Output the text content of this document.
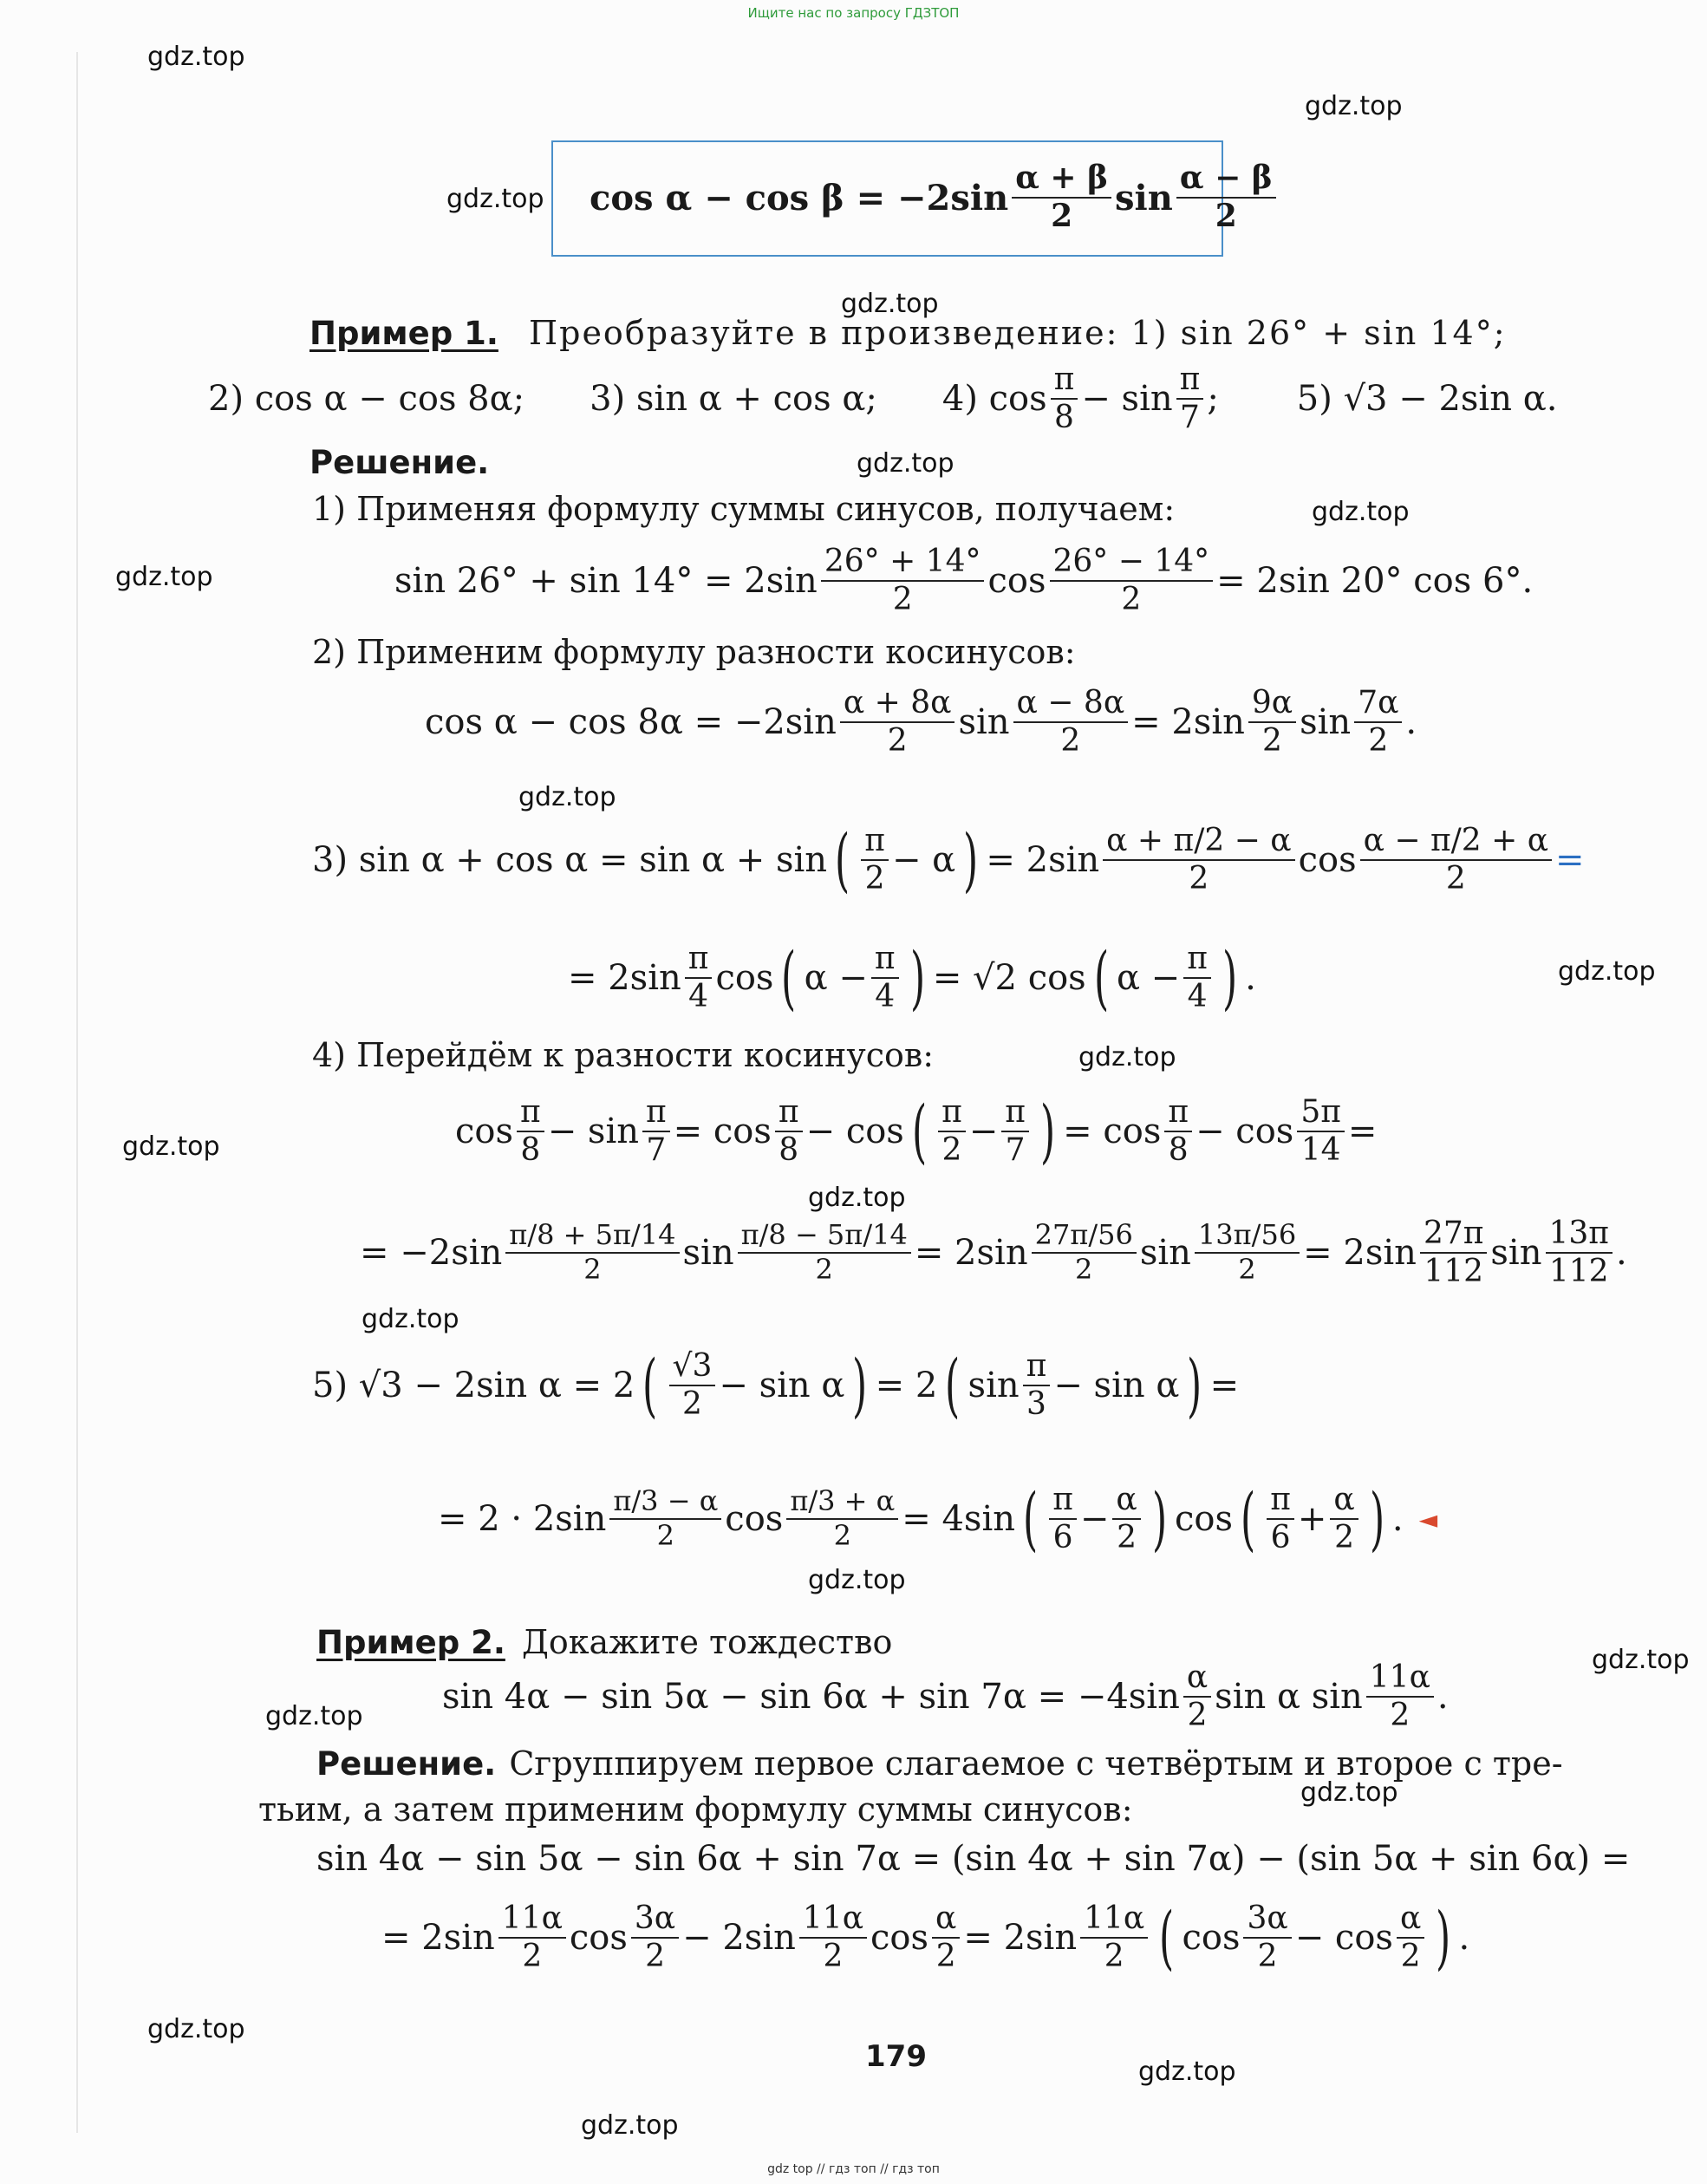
Ищите нас по запросу ГДЗТОП
gdz.top
gdz.top
gdz.top
gdz.top
gdz.top
gdz.top
gdz.top
gdz.top
gdz.top
gdz.top
gdz.top
gdz.top
gdz.top
gdz.top
gdz.top
gdz.top
gdz.top
gdz.top
gdz.top
gdz.top
$\cos \alpha - \cos \beta = -2\sin \frac{\alpha + \beta}{2}$ $\sin \frac{\alpha - \beta}{2}$
Пример 1. Преобразуйте в произведение: 1) sin 26° + sin 14°;
2) cos α − cos 8α; 3) sin α + cos α; 4) $\cos \frac{\pi}{8} - \sin \frac{\pi}{7}$ ; 5) √3 − 2sin α.
Решение.
1) Применяя формулу суммы синусов, получаем:
$\sin 26^\circ + \sin 14^\circ = 2\sin \frac{26^\circ + 14^\circ}{2}$ $\cos \frac{26^\circ - 14^\circ}{2} = 2\sin$ 20° cos 6°.
2) Применим формулу разности косинусов:
$\cos \alpha - \cos 8\alpha = -2\sin \frac{\alpha + 8\alpha}{2}$ $\sin \frac{\alpha - 8\alpha}{2} = 2\sin \frac{9\alpha}{2}$ $\sin \frac{7\alpha}{2}$ .
3) sin α + cos α = sin α + sin ( $\frac{\pi}{2} - \alpha$ ) = $2\sin \frac{\alpha + \pi/2 - \alpha}{2}$ $\cos \frac{\alpha - \pi/2 + \alpha}{2}$ =
= $2\sin \frac{\pi}{4}$ cos ( $\alpha - \frac{\pi}{4}$ ) = √2 cos ( $\alpha - \frac{\pi}{4}$ ) .
4) Перейдём к разности косинусов:
$\cos \frac{\pi}{8} - \sin \frac{\pi}{7} = \cos \frac{\pi}{8} - \cos$ ( $\frac{\pi}{2} - \frac{\pi}{7}$ ) = $\cos \frac{\pi}{8} - \cos \frac{5\pi}{14}$ =
= $-2\sin \frac{\pi/8 + 5\pi/14}{2}$ $\sin \frac{\pi/8 - 5\pi/14}{2} = 2\sin \frac{27\pi/56}{2}$ $\sin \frac{13\pi/56}{2} = 2\sin \frac{27\pi}{112}$ $\sin \frac{13\pi}{112}$ .
5) √3 − 2sin α = 2 ( $\frac{√3}{2} - \sin \alpha$ ) = 2 ( $\sin \frac{\pi}{3} - \sin \alpha$ ) =
= $2 \cdot 2\sin \frac{\pi/3 - \alpha}{2}$ $\cos \frac{\pi/3 + \alpha}{2} = 4\sin$ ( $\frac{\pi}{6} - \frac{\alpha}{2}$ ) cos ( $\frac{\pi}{6} + \frac{\alpha}{2}$ ) . ◄
Пример 2. Докажите тождество
$\sin 4\alpha - \sin 5\alpha - \sin 6\alpha + \sin 7\alpha = -4\sin \frac{\alpha}{2}$ sin α $\sin \frac{11\alpha}{2}$ .
Решение. Сгруппируем первое слагаемое с четвёртым и второе с тре-
тьим, а затем применим формулу суммы синусов:
sin 4α − sin 5α − sin 6α + sin 7α = (sin 4α + sin 7α) − (sin 5α + sin 6α) =
= $2\sin \frac{11\alpha}{2}$ $\cos \frac{3\alpha}{2} - 2\sin \frac{11\alpha}{2}$ $\cos \frac{\alpha}{2} = 2\sin \frac{11\alpha}{2}$ ( $\cos \frac{3\alpha}{2} - \cos \frac{\alpha}{2}$ ) .
179
gdz top // гдз топ // гдз топ
